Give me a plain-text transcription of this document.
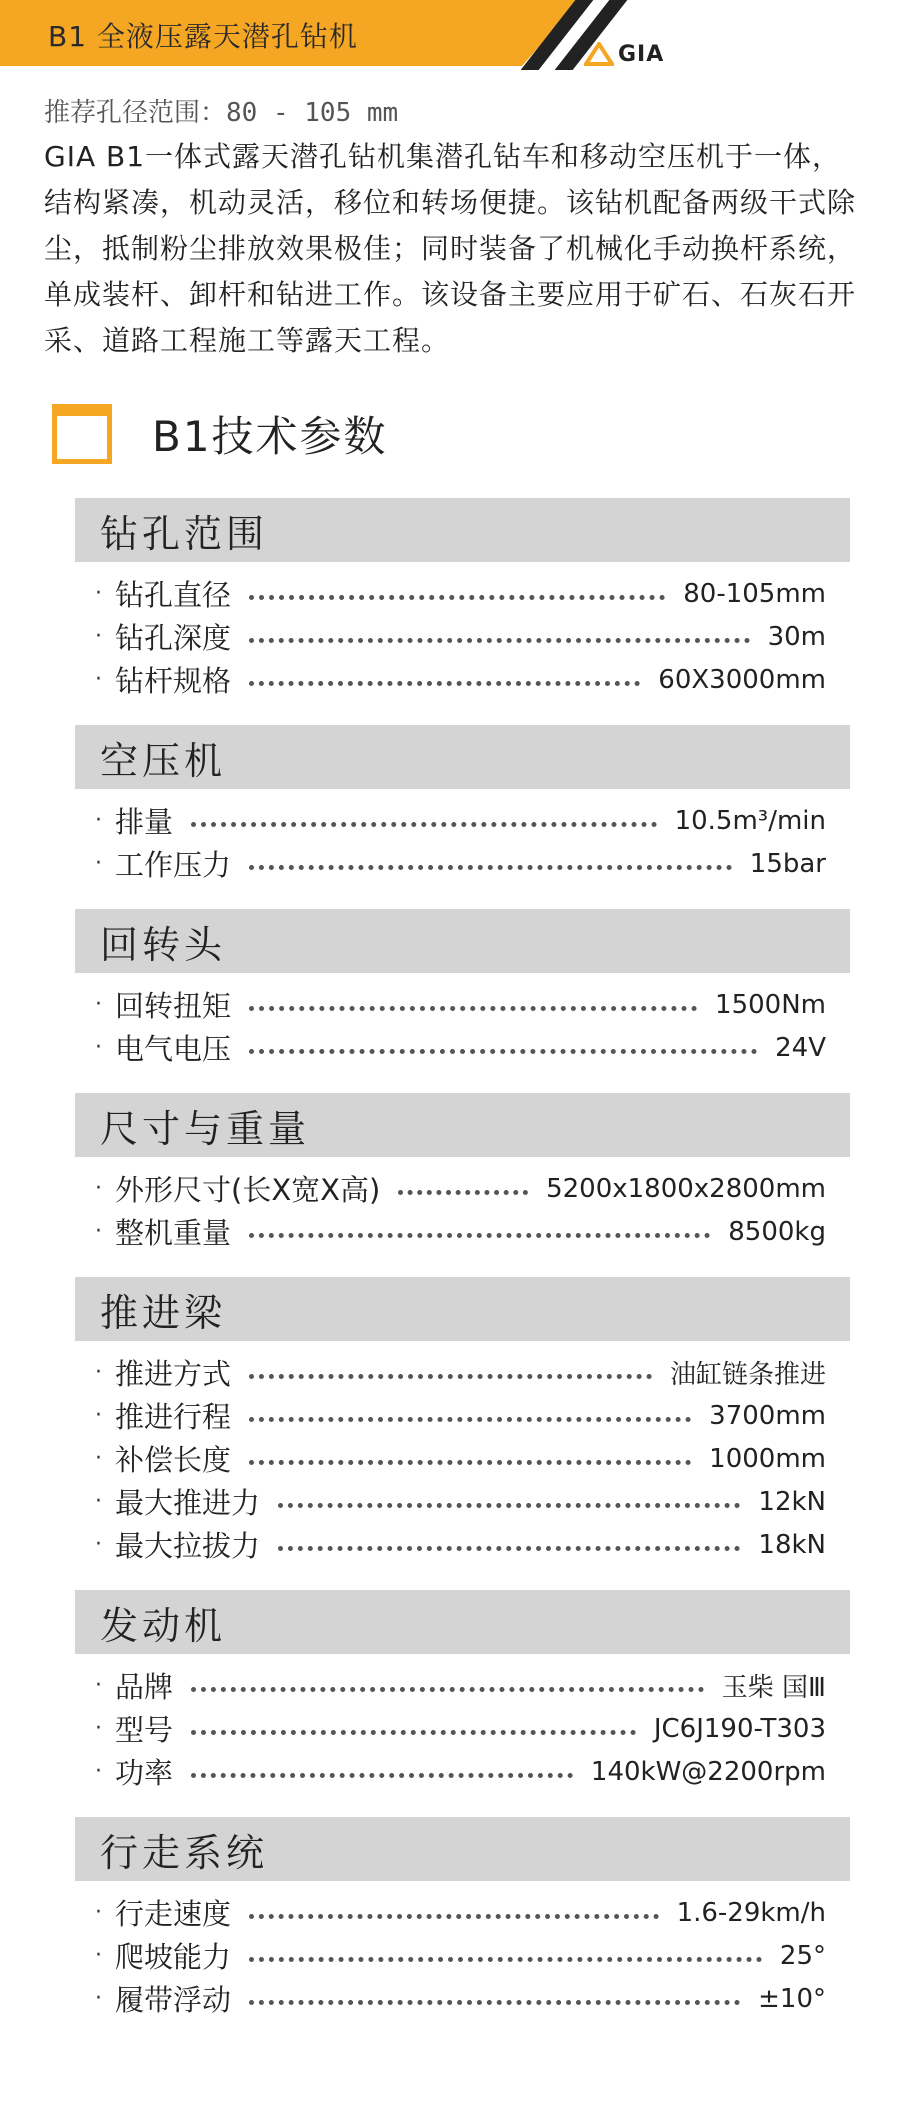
B1 全液压露天潜孔钻机
GIA
推荐孔径范围：80 - 105 mm
GIA B1一体式露天潜孔钻机集潜孔钻车和移动空压机于一体，结构紧凑，机动灵活，移位和转场便捷。该钻机配备两级干式除尘，抵制粉尘排放效果极佳；同时装备了机械化手动换杆系统，单成装杆、卸杆和钻进工作。该设备主要应用于矿石、石灰石开采、道路工程施工等露天工程。
B1技术参数
钻孔范围
· 钻孔直径	80-105mm
· 钻孔深度	30m
· 钻杆规格	60X3000mm
空压机
· 排量	10.5m³/min
· 工作压力	15bar
回转头
· 回转扭矩	1500Nm
· 电气电压	24V
尺寸与重量
· 外形尺寸(长X宽X高)	5200x1800x2800mm
· 整机重量	8500kg
推进梁
· 推进方式	油缸链条推进
· 推进行程	3700mm
· 补偿长度	1000mm
· 最大推进力	12kN
· 最大拉拔力	18kN
发动机
· 品牌	玉柴 国Ⅲ
· 型号	JC6J190-T303
· 功率	140kW@2200rpm
行走系统
· 行走速度	1.6-29km/h
· 爬坡能力	25°
· 履带浮动	±10°
